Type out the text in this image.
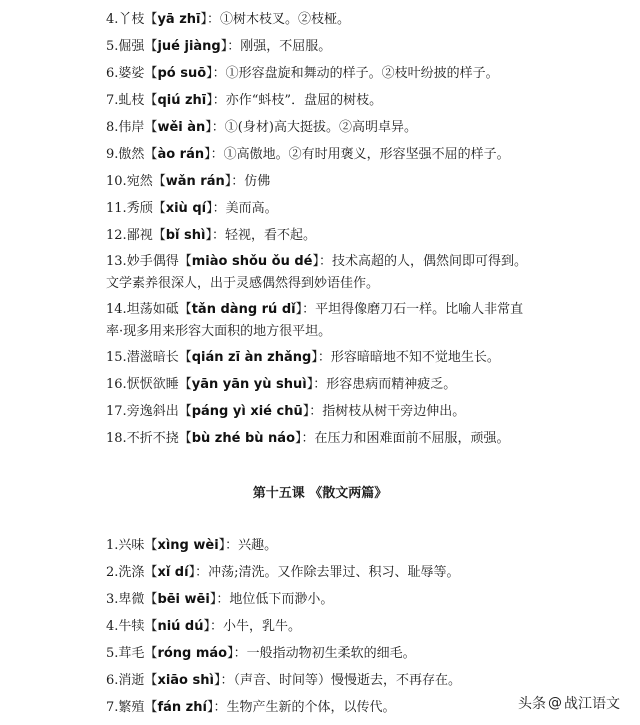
4.丫枝【yā zhī】：①树木枝叉。②枝桠。
5.倔强【jué jiàng】：刚强，不屈服。
6.婆娑【pó suō】：①形容盘旋和舞动的样子。②枝叶纷披的样子。
7.虬枝【qiú zhī】：亦作“蚪枝”．盘屈的树枝。
8.伟岸【wěi àn】：①(身材)高大挺拔。②高明卓异。
9.傲然【ào rán】：①高傲地。②有时用褒义，形容坚强不屈的样子。
10.宛然【wǎn rán】：仿佛
11.秀颀【xiù qí】：美而高。
12.鄙视【bǐ shì】：轻视，看不起。
13.妙手偶得【miào shǒu ǒu dé】：技术高超的人，偶然间即可得到。文学素养很深人，出于灵感偶然得到妙语佳作。
14.坦荡如砥【tǎn dàng rú dǐ】：平坦得像磨刀石一样。比喻人非常直率·现多用来形容大面积的地方很平坦。
15.潜滋暗长【qián zī àn zhǎng】：形容暗暗地不知不觉地生长。
16.恹恹欲睡【yān yān yù shuì】：形容患病而精神疲乏。
17.旁逸斜出【páng yì xié chū】：指树枝从树干旁边伸出。
18.不折不挠【bù zhé bù náo】：在压力和困难面前不屈服，顽强。
第十五课 《散文两篇》
1.兴味【xìng wèi】：兴趣。
2.洗涤【xǐ dí】：冲荡;清洗。又作除去罪过、积习、耻辱等。
3.卑微【bēi wēi】：地位低下而渺小。
4.牛犊【niú dú】：小牛，乳牛。
5.茸毛【róng máo】：一般指动物初生柔软的细毛。
6.消逝【xiāo shì】：（声音、时间等）慢慢逝去，不再存在。
7.繁殖【fán zhí】：生物产生新的个体，以传代。	头条 @ 战江语文
